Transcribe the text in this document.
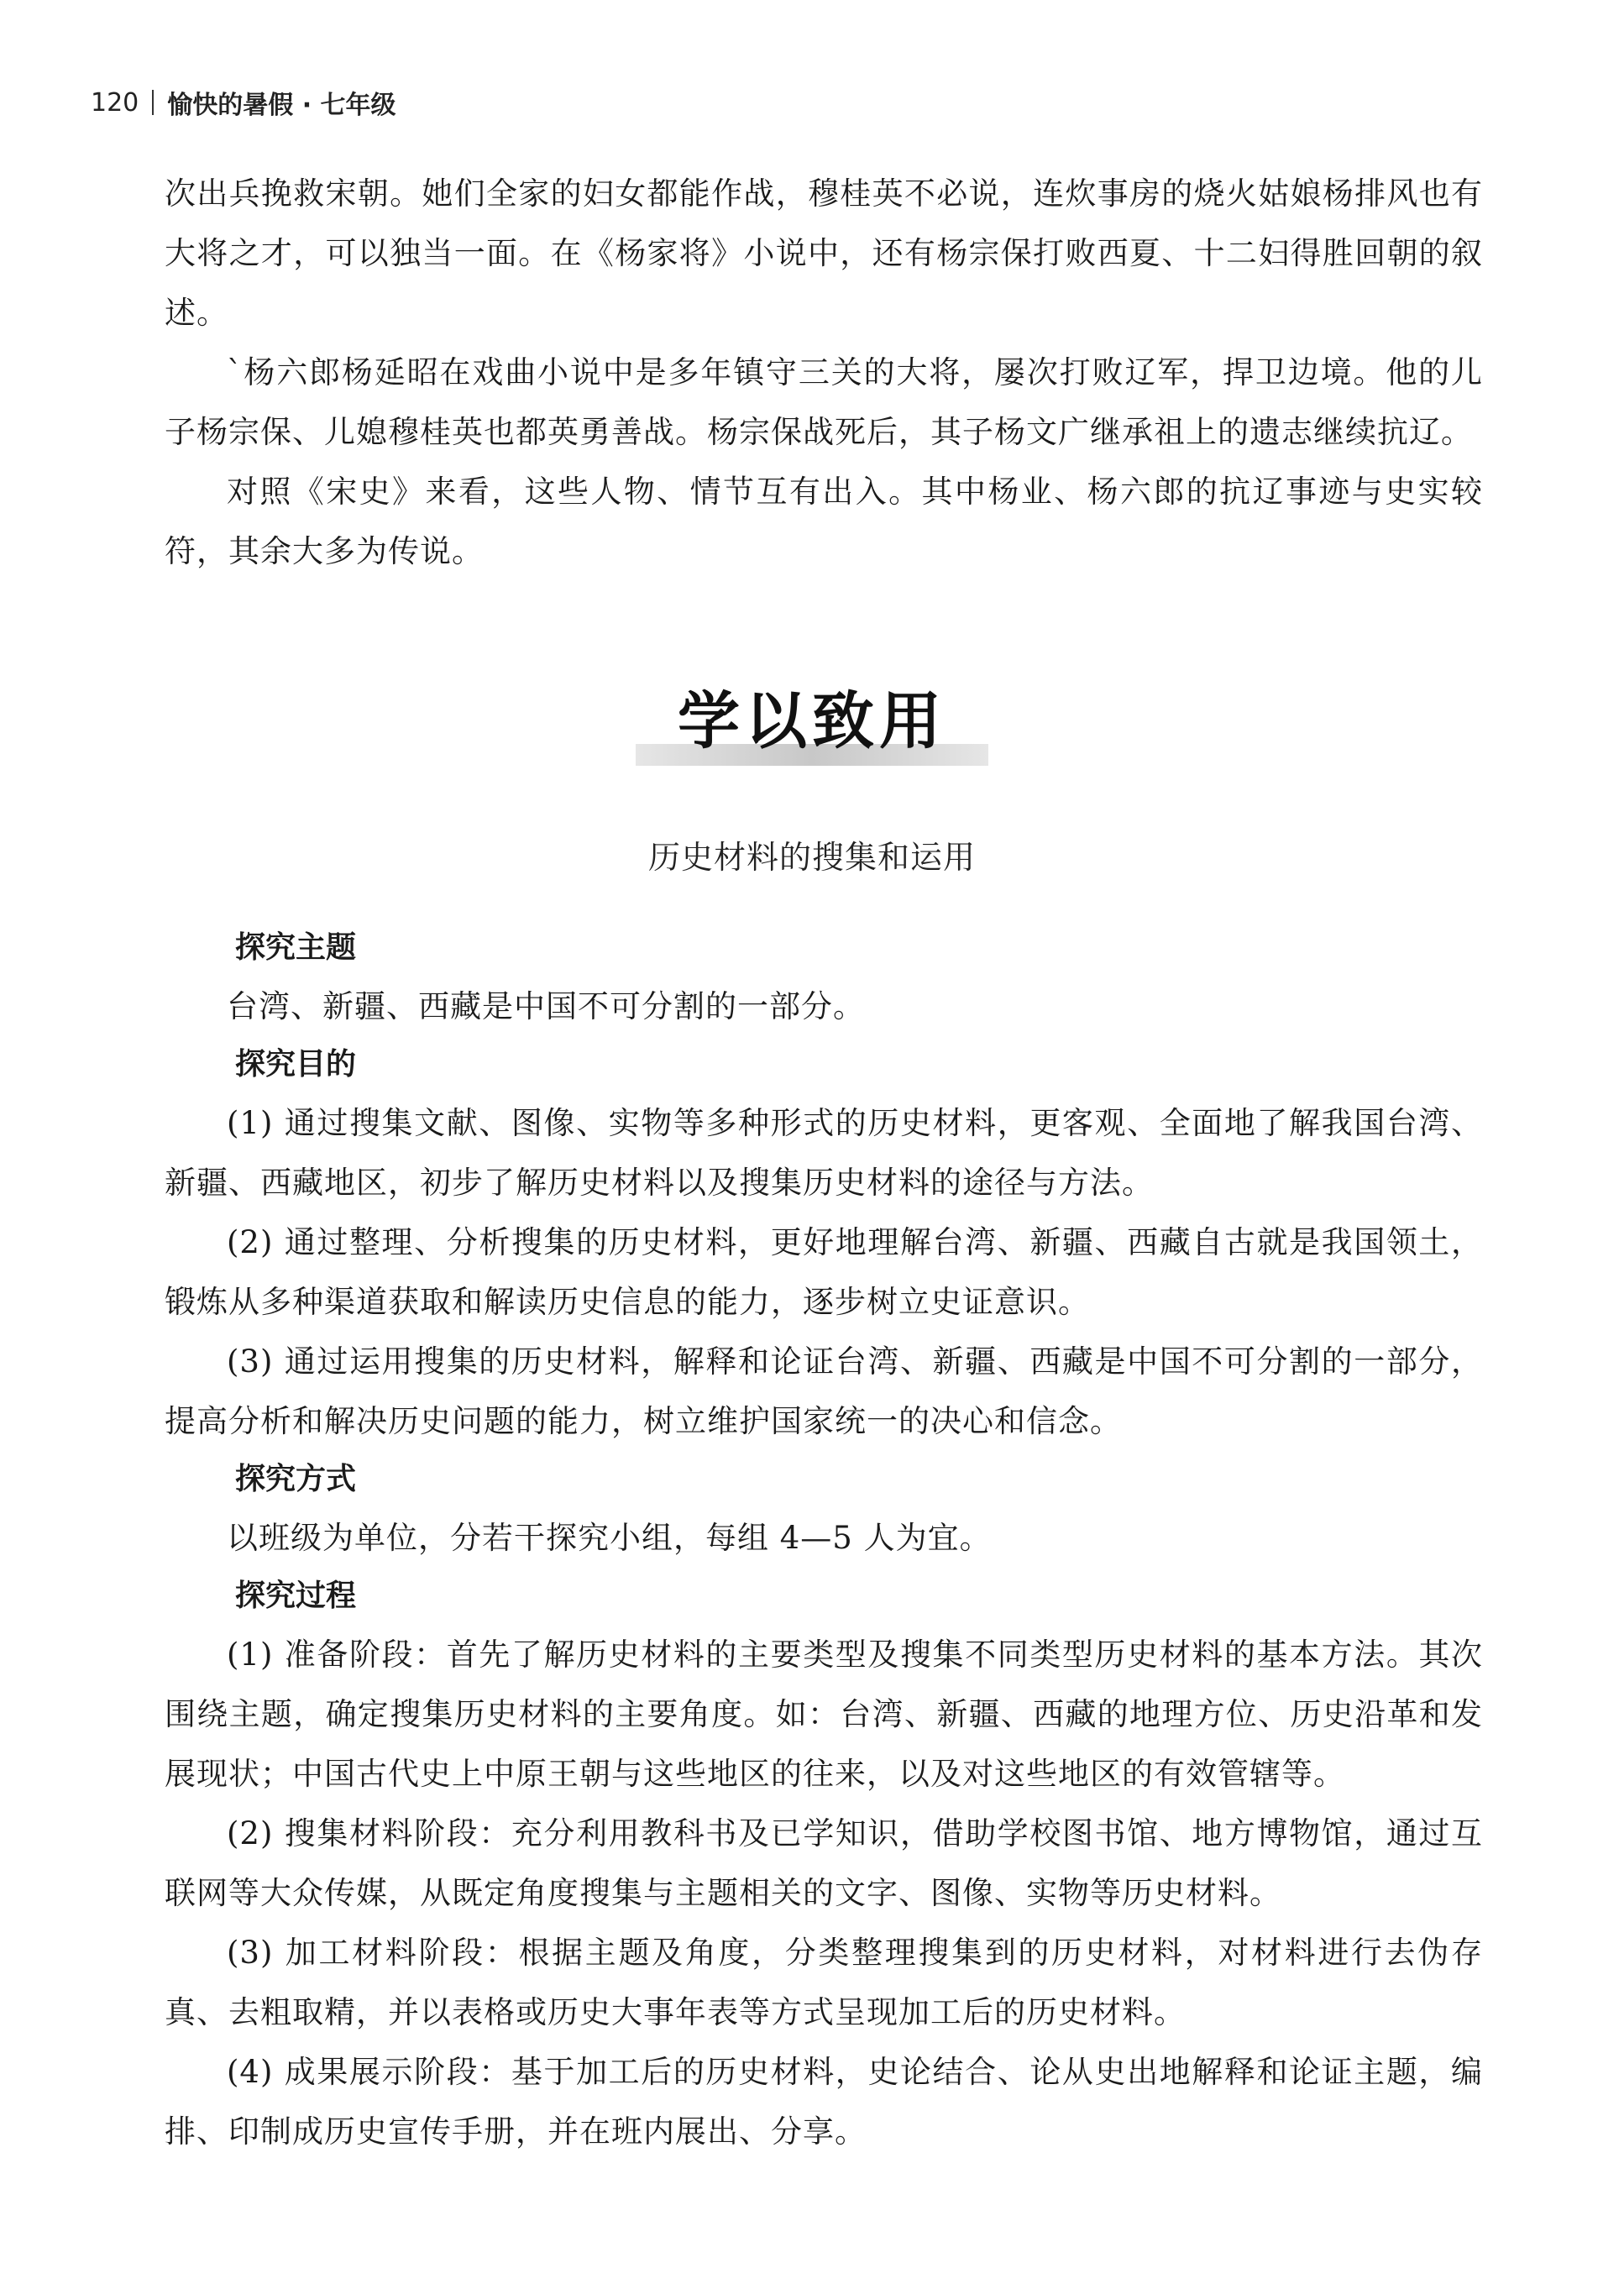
120 愉快的暑假 · 七年级

次出兵挽救宋朝。她们全家的妇女都能作战，穆桂英不必说，连炊事房的烧火姑娘杨排风也有大将之才，可以独当一面。在《杨家将》小说中，还有杨宗保打败西夏、十二妇得胜回朝的叙述。

`杨六郎杨延昭在戏曲小说中是多年镇守三关的大将，屡次打败辽军，捍卫边境。他的儿子杨宗保、儿媳穆桂英也都英勇善战。杨宗保战死后，其子杨文广继承祖上的遗志继续抗辽。

对照《宋史》来看，这些人物、情节互有出入。其中杨业、杨六郎的抗辽事迹与史实较符，其余大多为传说。

学以致用
历史材料的搜集和运用

探究主题

台湾、新疆、西藏是中国不可分割的一部分。

探究目的

(1) 通过搜集文献、图像、实物等多种形式的历史材料，更客观、全面地了解我国台湾、新疆、西藏地区，初步了解历史材料以及搜集历史材料的途径与方法。

(2) 通过整理、分析搜集的历史材料，更好地理解台湾、新疆、西藏自古就是我国领土，锻炼从多种渠道获取和解读历史信息的能力，逐步树立史证意识。

(3) 通过运用搜集的历史材料，解释和论证台湾、新疆、西藏是中国不可分割的一部分，提高分析和解决历史问题的能力，树立维护国家统一的决心和信念。

探究方式

以班级为单位，分若干探究小组，每组 4—5 人为宜。

探究过程

(1) 准备阶段：首先了解历史材料的主要类型及搜集不同类型历史材料的基本方法。其次围绕主题，确定搜集历史材料的主要角度。如：台湾、新疆、西藏的地理方位、历史沿革和发展现状；中国古代史上中原王朝与这些地区的往来，以及对这些地区的有效管辖等。

(2) 搜集材料阶段：充分利用教科书及已学知识，借助学校图书馆、地方博物馆，通过互联网等大众传媒，从既定角度搜集与主题相关的文字、图像、实物等历史材料。

(3) 加工材料阶段：根据主题及角度，分类整理搜集到的历史材料，对材料进行去伪存真、去粗取精，并以表格或历史大事年表等方式呈现加工后的历史材料。

(4) 成果展示阶段：基于加工后的历史材料，史论结合、论从史出地解释和论证主题，编排、印制成历史宣传手册，并在班内展出、分享。
